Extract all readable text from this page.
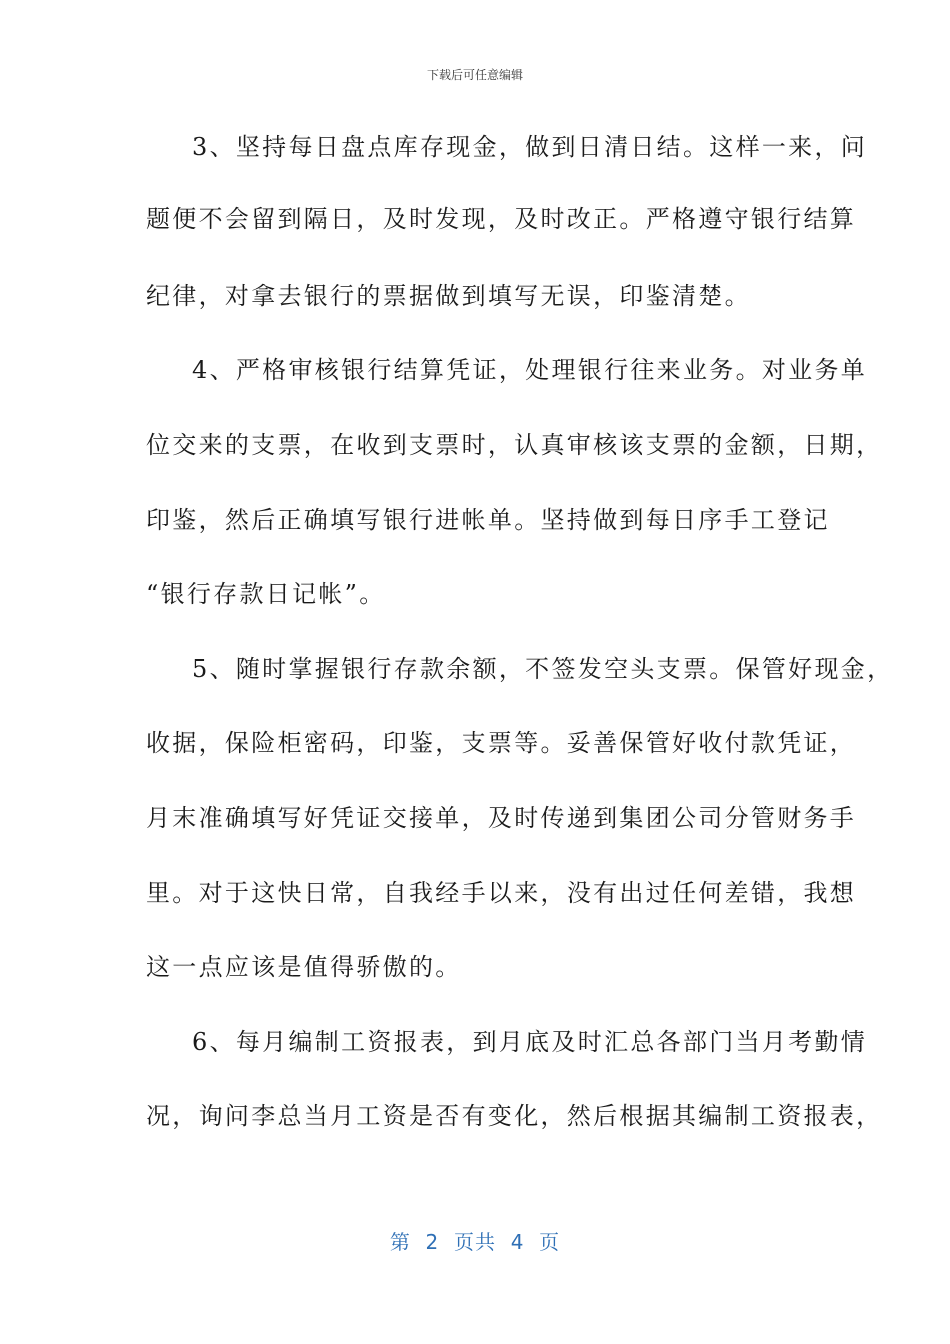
下载后可任意编辑
3、坚持每日盘点库存现金，做到日清日结。这样一来，问
题便不会留到隔日，及时发现，及时改正。严格遵守银行结算
纪律，对拿去银行的票据做到填写无误，印鉴清楚。
4、严格审核银行结算凭证，处理银行往来业务。对业务单
位交来的支票，在收到支票时，认真审核该支票的金额，日期，
印鉴，然后正确填写银行进帐单。坚持做到每日序手工登记
“银行存款日记帐”。
5、随时掌握银行存款余额，不签发空头支票。保管好现金，
收据，保险柜密码，印鉴，支票等。妥善保管好收付款凭证，
月末准确填写好凭证交接单，及时传递到集团公司分管财务手
里。对于这快日常，自我经手以来，没有出过任何差错，我想
这一点应该是值得骄傲的。
6、每月编制工资报表，到月底及时汇总各部门当月考勤情
况，询问李总当月工资是否有变化，然后根据其编制工资报表，
第  2  页共  4  页
